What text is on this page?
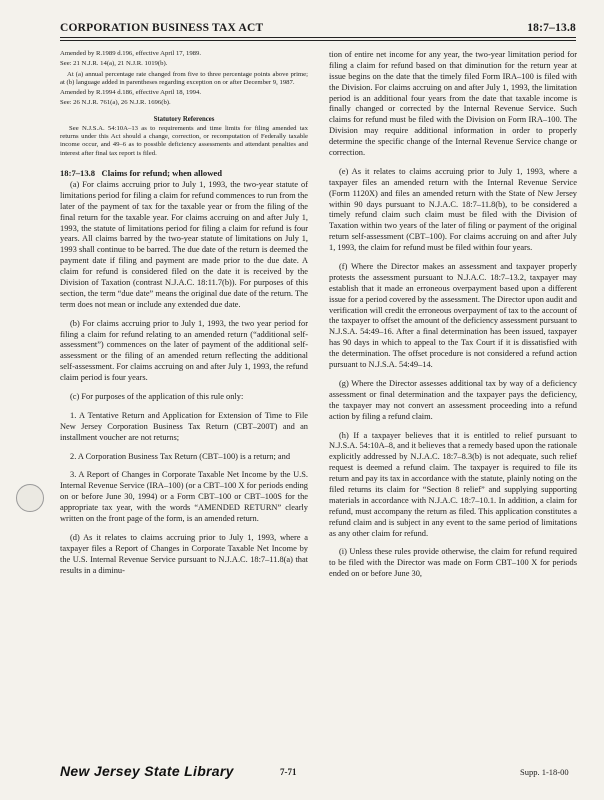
CORPORATION BUSINESS TAX ACT	18:7–13.8

Amended by R.1989 d.196, effective April 17, 1989.

See: 21 N.J.R. 14(a), 21 N.J.R. 1019(b).

At (a) annual percentage rate changed from five to three percentage points above prime; at (b) language added in parentheses regarding exception on or after December 9, 1987.

Amended by R.1994 d.186, effective April 18, 1994.

See: 26 N.J.R. 761(a), 26 N.J.R. 1696(b).

Statutory References

See N.J.S.A. 54:10A–13 as to requirements and time limits for filing amended tax returns under this Act should a change, correction, or recomputation of Federally taxable income occur, and 49–6 as to possible deficiency assessments and attendant penalties and interest after final tax report is filed.

18:7–13.8 Claims for refund; when allowed

(a) For claims accruing prior to July 1, 1993, the two-year statute of limitations period for filing a claim for refund commences to run from the later of the payment of tax for the taxable year or from the filing of the final return for the taxable year. For claims accruing on and after July 1, 1993, the statute of limitations period for filing a claim for refund is four years. All claims barred by the two-year statute of limitations on July 1, 1993 shall continue to be barred. The due date of the return is deemed the payment date if filing and payment are made prior to the due date. A claim for refund is considered filed on the date it is received by the Division of Taxation (contrast N.J.A.C. 18:11.7(b)). For purposes of this section, the term “due date” means the original due date of the return. The term does not mean or include any extended due date.

(b) For claims accruing prior to July 1, 1993, the two year period for filing a claim for refund relating to an amended return (“additional self-assessment”) commences on the later of payment of the additional self-assessment or the filing of an amended return reflecting the additional self-assessment. For claims accruing on and after July 1, 1993, the refund claim period is four years.

(c) For purposes of the application of this rule only:

1. A Tentative Return and Application for Extension of Time to File New Jersey Corporation Business Tax Return (CBT–200T) and an installment voucher are not returns;

2. A Corporation Business Tax Return (CBT–100) is a return; and

3. A Report of Changes in Corporate Taxable Net Income by the U.S. Internal Revenue Service (IRA–100) (or a CBT–100 X for periods ending on or before June 30, 1994) or a Form CBT–100 or CBT–100S for the appropriate tax year, with the words “AMENDED RETURN” clearly written on the front page of the form, is an amended return.

(d) As it relates to claims accruing prior to July 1, 1993, where a taxpayer files a Report of Changes in Corporate Taxable Net Income by the U.S. Internal Revenue Service pursuant to N.J.A.C. 18:7–11.8(a) that results in a diminu-

tion of entire net income for any year, the two-year limitation period for filing a claim for refund based on that diminution for the return year at issue begins on the date that the timely filed Form IRA–100 is filed with the Division. For claims accruing on and after July 1, 1993, the limitation period is an additional four years from the date that taxable income is finally changed or corrected by the Internal Revenue Service. Such claims for refund must be filed with the Division on Form IRA–100. The Division may require additional information in order to properly determine the specific change of the Internal Revenue Service change or correction.

(e) As it relates to claims accruing prior to July 1, 1993, where a taxpayer files an amended return with the Internal Revenue Service (Form 1120X) and files an amended return with the State of New Jersey within 90 days pursuant to N.J.A.C. 18:7–11.8(b), to be considered a timely refund claim such claim must be filed with the Division of Taxation within two years of the later of filing or payment of the original return self-assessment (CBT–100). For claims accruing on and after July 1, 1993, the claim for refund must be filed within four years.

(f) Where the Director makes an assessment and taxpayer properly protests the assessment pursuant to N.J.A.C. 18:7–13.2, taxpayer may establish that it made an erroneous overpayment based upon a different issue for a period covered by the assessment. The Director upon audit and verification will credit the erroneous overpayment of tax to the account of the taxpayer to offset the amount of the deficiency assessment pursuant to N.J.S.A. 54:49–16. After a final determination has been issued, taxpayer has 90 days in which to appeal to the Tax Court if it is dissatisfied with the determination. The offset procedure is not considered a refund action pursuant to N.J.S.A. 54:49–14.

(g) Where the Director assesses additional tax by way of a deficiency assessment or final determination and the taxpayer pays the deficiency, the taxpayer may not convert an assessment proceeding into a refund action by filing a refund claim.

(h) If a taxpayer believes that it is entitled to relief pursuant to N.J.S.A. 54:10A–8, and it believes that a remedy based upon the rationale explicitly addressed by N.J.A.C. 18:7–8.3(b) is not adequate, such relief request is deemed a refund claim. The taxpayer is required to file its return and pay its tax in accordance with the statute, plainly noting on the filed returns its claim for “Section 8 relief” and supplying supporting materials in accordance with N.J.A.C. 18:7–10.1. In addition, a claim for refund, must accompany the return as filed. This application constitutes a refund claim and is subject in any event to the same period of limitations as any other claim for refund.

(i) Unless these rules provide otherwise, the claim for refund required to be filed with the Director was made on Form CBT–100 X for periods ended on or before June 30,

New Jersey State Library	7-71	Supp. 1-18-00
